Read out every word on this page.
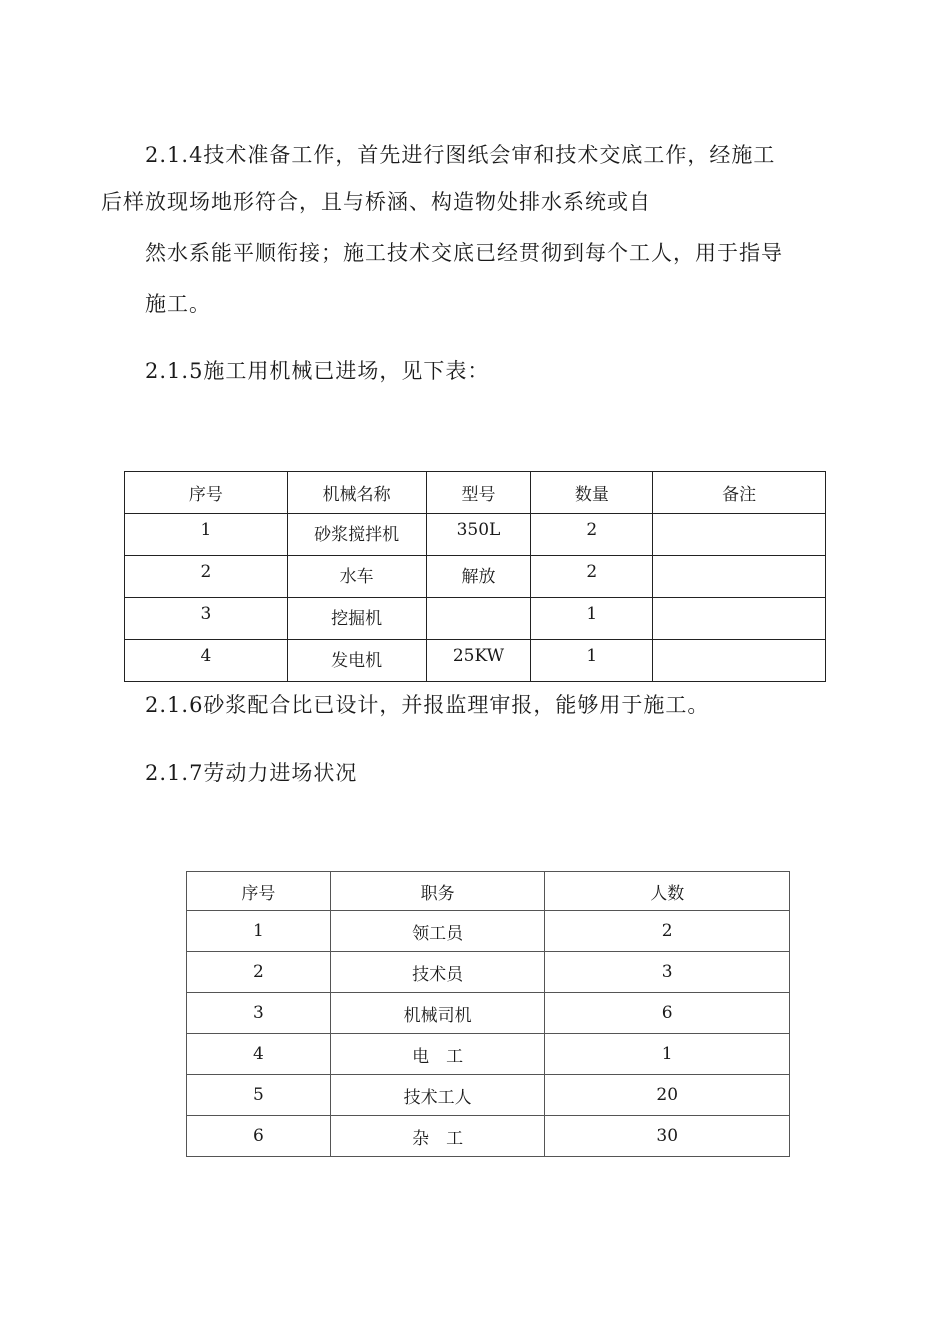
2.1.4技术准备工作，首先进行图纸会审和技术交底工作，经施工
后样放现场地形符合，且与桥涵、构造物处排水系统或自
然水系能平顺衔接；施工技术交底已经贯彻到每个工人，用于指导
施工。
2.1.5施工用机械已进场，见下表：
序号	机械名称	型号	数量	备注
1	砂浆搅拌机	350L	2	
2	水车	解放	2	
3	挖掘机		1	
4	发电机	25KW	1	
2.1.6砂浆配合比已设计，并报监理审报，能够用于施工。
2.1.7劳动力进场状况
序号	职务	人数
1	领工员	2
2	技术员	3
3	机械司机	6
4	电　工	1
5	技术工人	20
6	杂　工	30
